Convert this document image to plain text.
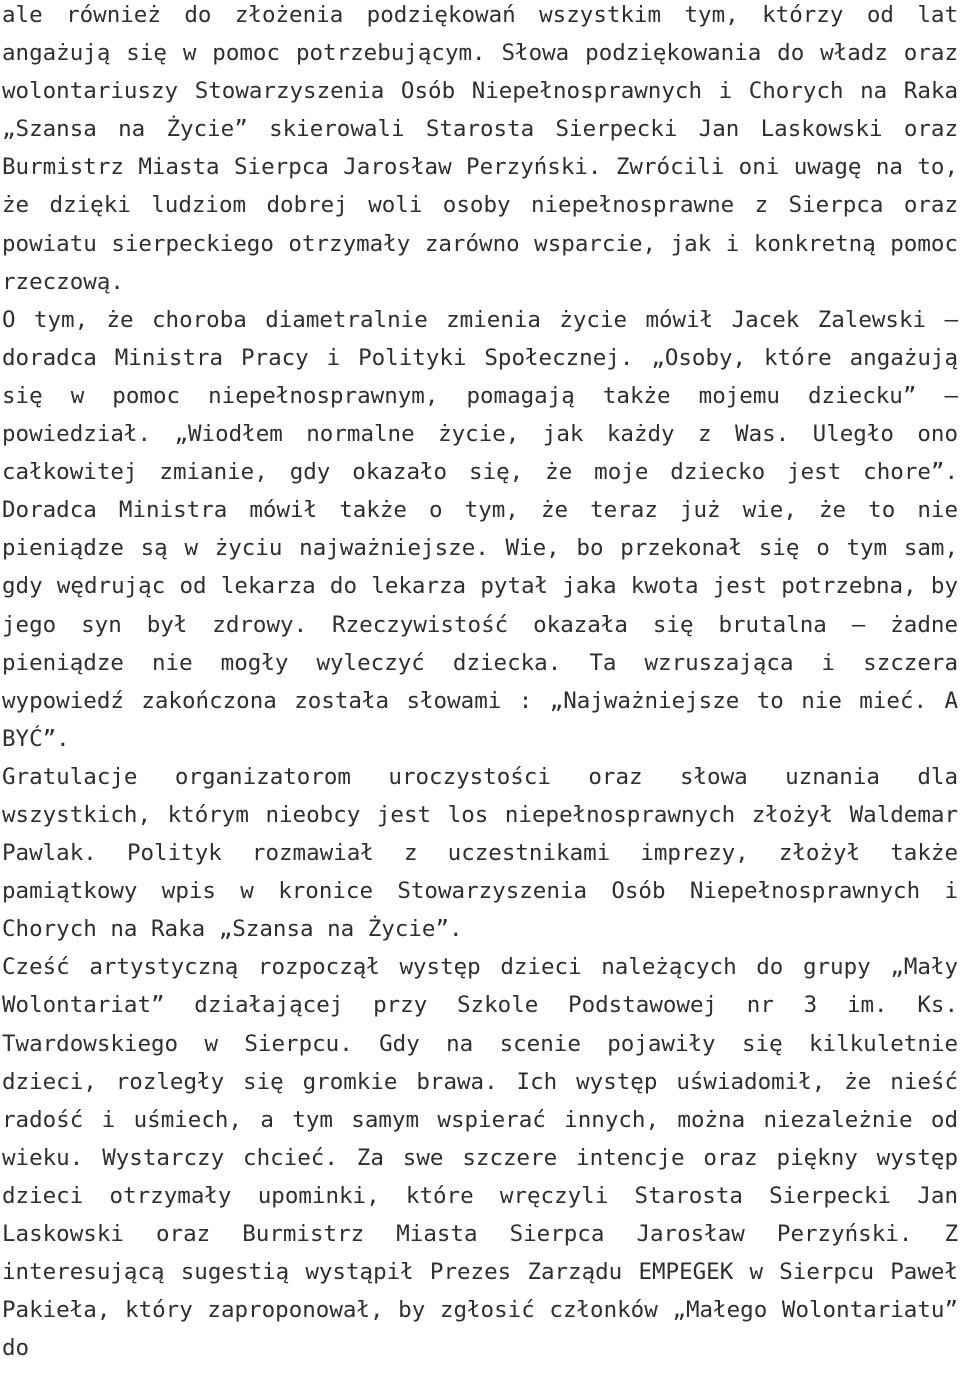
ale również do złożenia podziękowań wszystkim tym, którzy od lat angażują się w pomoc potrzebującym. Słowa podziękowania do władz oraz wolontariuszy Stowarzyszenia Osób Niepełnosprawnych i Chorych na Raka „Szansa na Życie” skierowali Starosta Sierpecki Jan Laskowski oraz Burmistrz Miasta Sierpca Jarosław Perzyński. Zwrócili oni uwagę na to, że dzięki ludziom dobrej woli osoby niepełnosprawne z Sierpca oraz powiatu sierpeckiego otrzymały zarówno wsparcie, jak i konkretną pomoc rzeczową.

O tym, że choroba diametralnie zmienia życie mówił Jacek Zalewski – doradca Ministra Pracy i Polityki Społecznej. „Osoby, które angażują się w pomoc niepełnosprawnym, pomagają także mojemu dziecku” – powiedział. „Wiodłem normalne życie, jak każdy z Was. Uległo ono całkowitej zmianie, gdy okazało się, że moje dziecko jest chore”. Doradca Ministra mówił także o tym, że teraz już wie, że to nie pieniądze są w życiu najważniejsze. Wie, bo przekonał się o tym sam, gdy wędrując od lekarza do lekarza pytał jaka kwota jest potrzebna, by jego syn był zdrowy. Rzeczywistość okazała się brutalna – żadne pieniądze nie mogły wyleczyć dziecka. Ta wzruszająca i szczera wypowiedź zakończona została słowami : „Najważniejsze to nie mieć. A BYĆ”.

Gratulacje organizatorom uroczystości oraz słowa uznania dla wszystkich, którym nieobcy jest los niepełnosprawnych złożył Waldemar Pawlak. Polityk rozmawiał z uczestnikami imprezy, złożył także pamiątkowy wpis w kronice Stowarzyszenia Osób Niepełnosprawnych i Chorych na Raka „Szansa na Życie”.

Cześć artystyczną rozpoczął występ dzieci należących do grupy „Mały Wolontariat” działającej przy Szkole Podstawowej nr 3 im. Ks. Twardowskiego w Sierpcu. Gdy na scenie pojawiły się kilkuletnie dzieci, rozległy się gromkie brawa. Ich występ uświadomił, że nieść radość i uśmiech, a tym samym wspierać innych, można niezależnie od wieku. Wystarczy chcieć. Za swe szczere intencje oraz piękny występ dzieci otrzymały upominki, które wręczyli Starosta Sierpecki Jan Laskowski oraz Burmistrz Miasta Sierpca Jarosław Perzyński. Z interesującą sugestią wystąpił Prezes Zarządu EMPEGEK w Sierpcu Paweł Pakieła, który zaproponował, by zgłosić członków „Małego Wolontariatu” do
